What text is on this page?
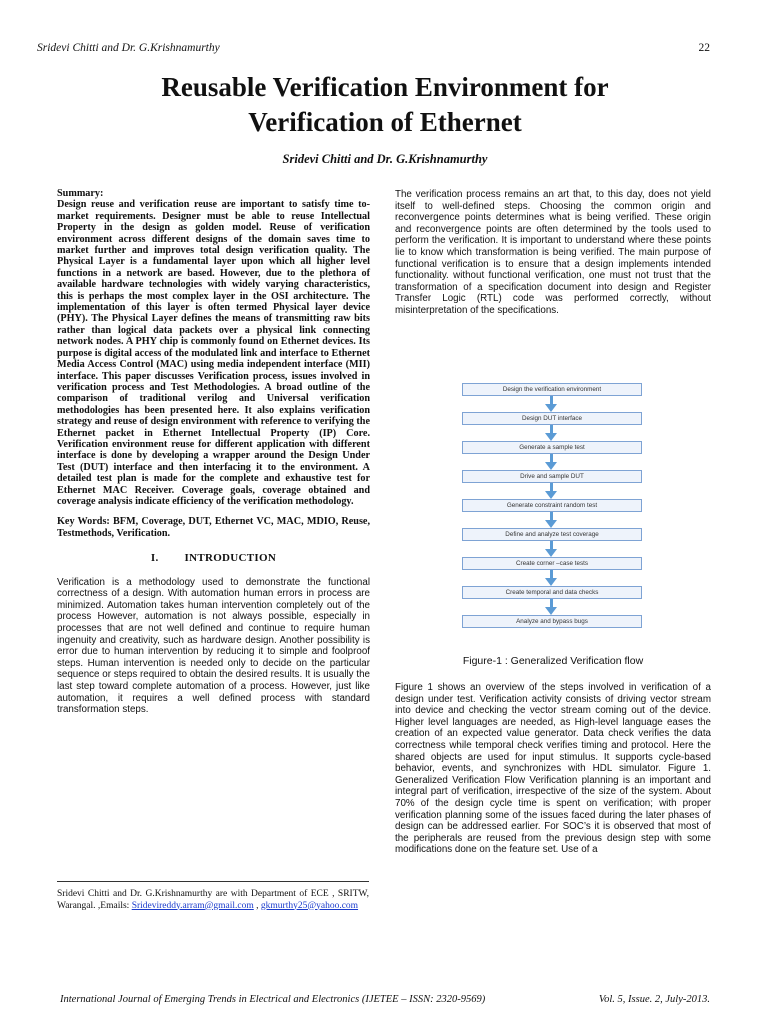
Sridevi Chitti and Dr. G.Krishnamurthy	22
Reusable Verification Environment for
Verification of Ethernet
Sridevi Chitti and Dr. G.Krishnamurthy
Summary:
Design reuse and verification reuse are important to satisfy time to-market requirements. Designer must be able to reuse Intellectual Property in the design as golden model. Reuse of verification environment across different designs of the domain saves time to market further and improves total design verification quality. The Physical Layer is a fundamental layer upon which all higher level functions in a network are based. However, due to the plethora of available hardware technologies with widely varying characteristics, this is perhaps the most complex layer in the OSI architecture. The implementation of this layer is often termed Physical layer device (PHY). The Physical Layer defines the means of transmitting raw bits rather than logical data packets over a physical link connecting network nodes. A PHY chip is commonly found on Ethernet devices. Its purpose is digital access of the modulated link and interface to Ethernet Media Access Control (MAC) using media independent interface (MII) interface. This paper discusses Verification process, issues involved in verification process and Test Methodologies. A broad outline of the comparison of traditional verilog and Universal verification methodologies has been presented here. It also explains verification strategy and reuse of design environment with reference to verifying the Ethernet packet in Ethernet Intellectual Property (IP) Core. Verification environment reuse for different application with different interface is done by developing a wrapper around the Design Under Test (DUT) interface and then interfacing it to the environment. A detailed test plan is made for the complete and exhaustive test for Ethernet MAC Receiver. Coverage goals, coverage obtained and coverage analysis indicate efficiency of the verification methodology.
Key Words: BFM, Coverage, DUT, Ethernet VC, MAC, MDIO, Reuse, Testmethods, Verification.
I. INTRODUCTION
Verification is a methodology used to demonstrate the functional correctness of a design. With automation human errors in process are minimized. Automation takes human intervention completely out of the process However, automation is not always possible, especially in processes that are not well defined and continue to require human ingenuity and creativity, such as hardware design. Another possibility is error due to human intervention by reducing it to simple and foolproof steps. Human intervention is needed only to decide on the particular sequence or steps required to obtain the desired results. It is usually the last step toward complete automation of a process. However, just like automation, it requires a well defined process with standard transformation steps.
Sridevi Chitti and Dr. G.Krishnamurthy are with Department of ECE , SRITW, Warangal. ,Emails: Sridevireddy.arram@gmail.com , gkmurthy25@yahoo.com
The verification process remains an art that, to this day, does not yield itself to well-defined steps. Choosing the common origin and reconvergence points determines what is being verified. These origin and reconvergence points are often determined by the tools used to perform the verification. It is important to understand where these points lie to know which transformation is being verified. The main purpose of functional verification is to ensure that a design implements intended functionality. without functional verification, one must not trust that the transformation of a specification document into design and Register Transfer Logic (RTL) code was performed correctly, without misinterpretation of the specifications.
Design the verification environment
Design DUT interface
Generate a sample test
Drive and sample DUT
Generate constraint random test
Define and analyze test coverage
Create corner –case tests
Create temporal and data checks
Analyze and bypass bugs
Figure-1 : Generalized Verification flow
Figure 1 shows an overview of the steps involved in verification of a design under test. Verification activity consists of driving vector stream into device and checking the vector stream coming out of the device. Higher level languages are needed, as High-level language eases the creation of an expected value generator. Data check verifies the data correctness while temporal check verifies timing and protocol. Here the shared objects are used for input stimulus. It supports cycle-based behavior, events, and synchronizes with HDL simulator. Figure 1. Generalized Verification Flow Verification planning is an important and integral part of verification, irrespective of the size of the system. About 70% of the design cycle time is spent on verification; with proper verification planning some of the issues faced during the later phases of design can be addressed earlier. For SOC’s it is observed that most of the peripherals are reused from the previous design step with some modifications done on the feature set. Use of a
International Journal of Emerging Trends in Electrical and Electronics (IJETEE – ISSN: 2320-9569)	Vol. 5, Issue. 2, July-2013.
